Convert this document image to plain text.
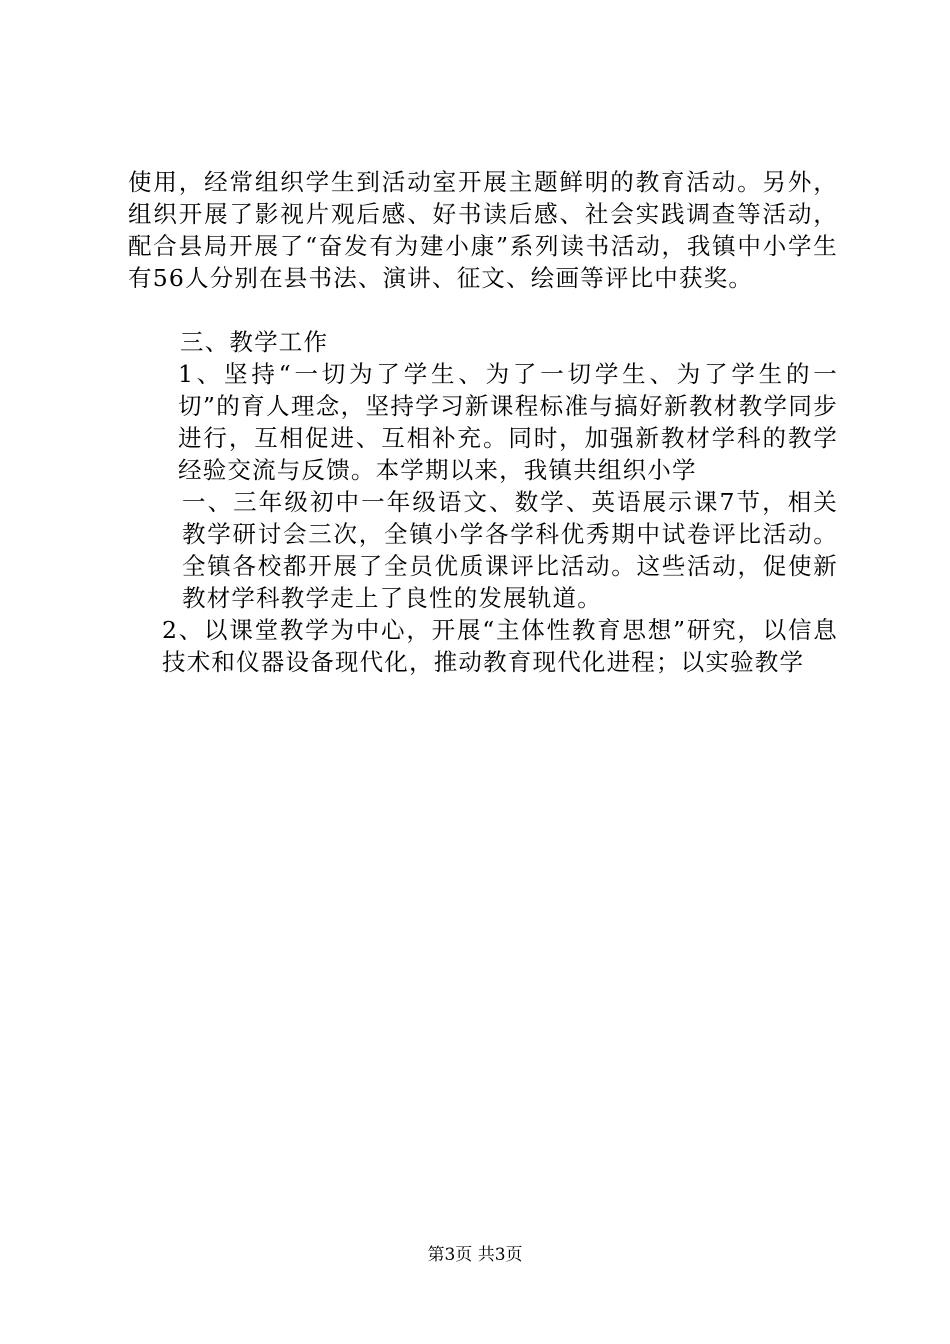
使用，经常组织学生到活动室开展主题鲜明的教育活动。另外，组织开展了影视片观后感、好书读后感、社会实践调查等活动，配合县局开展了“奋发有为建小康”系列读书活动，我镇中小学生有56人分别在县书法、演讲、征文、绘画等评比中获奖。

三、教学工作

1、坚持“一切为了学生、为了一切学生、为了学生的一切”的育人理念，坚持学习新课程标准与搞好新教材教学同步进行，互相促进、互相补充。同时，加强新教材学科的教学经验交流与反馈。本学期以来，我镇共组织小学

一、三年级初中一年级语文、数学、英语展示课7节，相关教学研讨会三次，全镇小学各学科优秀期中试卷评比活动。全镇各校都开展了全员优质课评比活动。这些活动，促使新教材学科教学走上了良性的发展轨道。

2、以课堂教学为中心，开展“主体性教育思想”研究，以信息技术和仪器设备现代化，推动教育现代化进程；以实验教学

第3页 共3页
